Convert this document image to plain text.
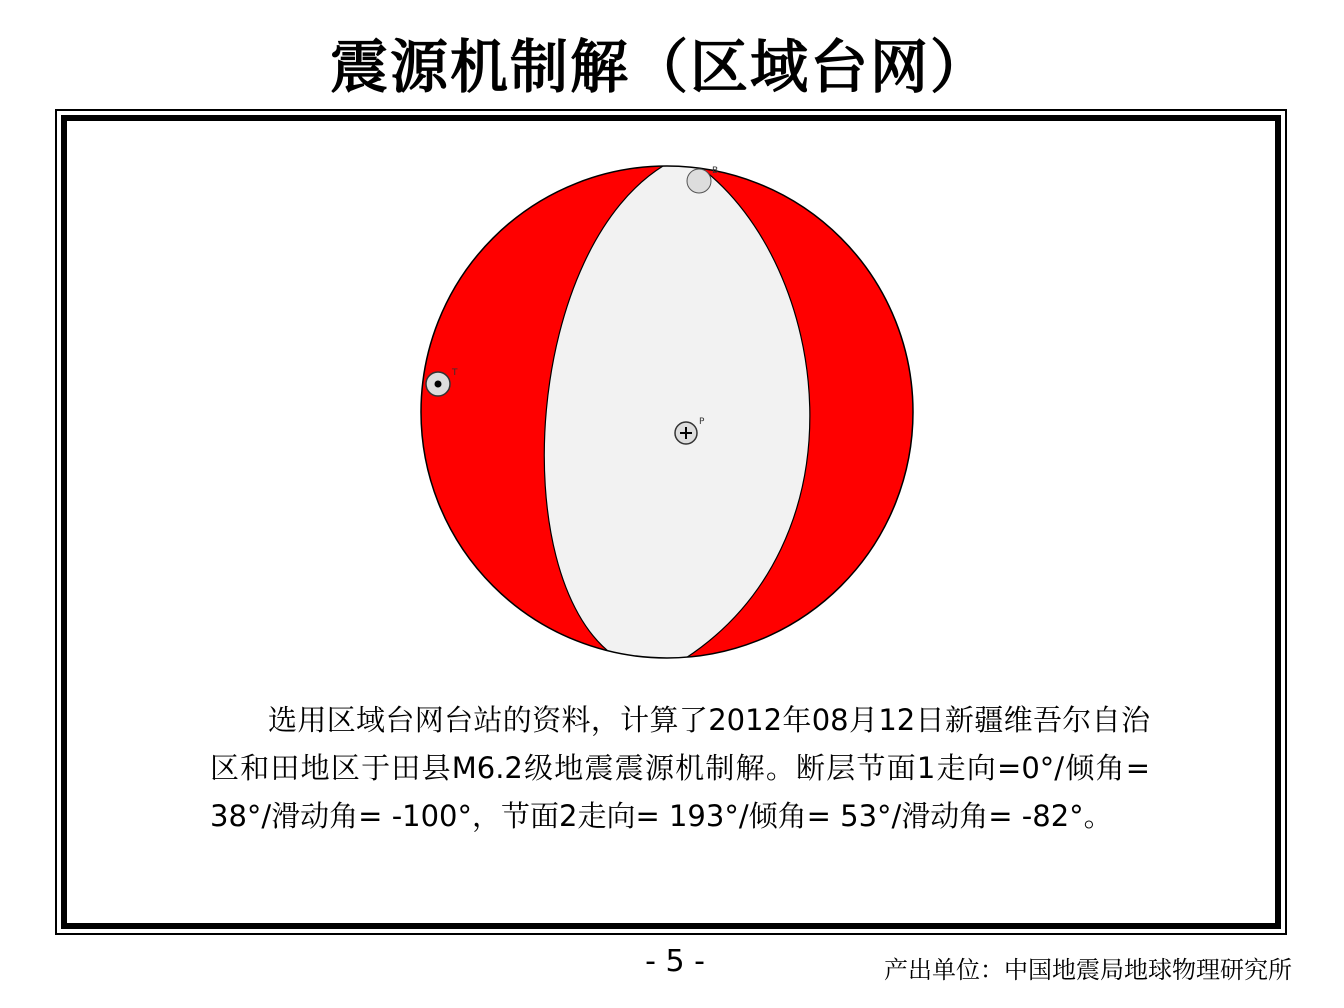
震源机制解（区域台网）
B
T
P

选用区域台网台站的资料，计算了2012年08月12日新疆维吾尔自治区和田地区于田县M6.2级地震震源机制解。断层节面1走向=0°/倾角= 38°/滑动角= -100°，节面2走向= 193°/倾角= 53°/滑动角= -82°。

- 5 -	产出单位：中国地震局地球物理研究所
